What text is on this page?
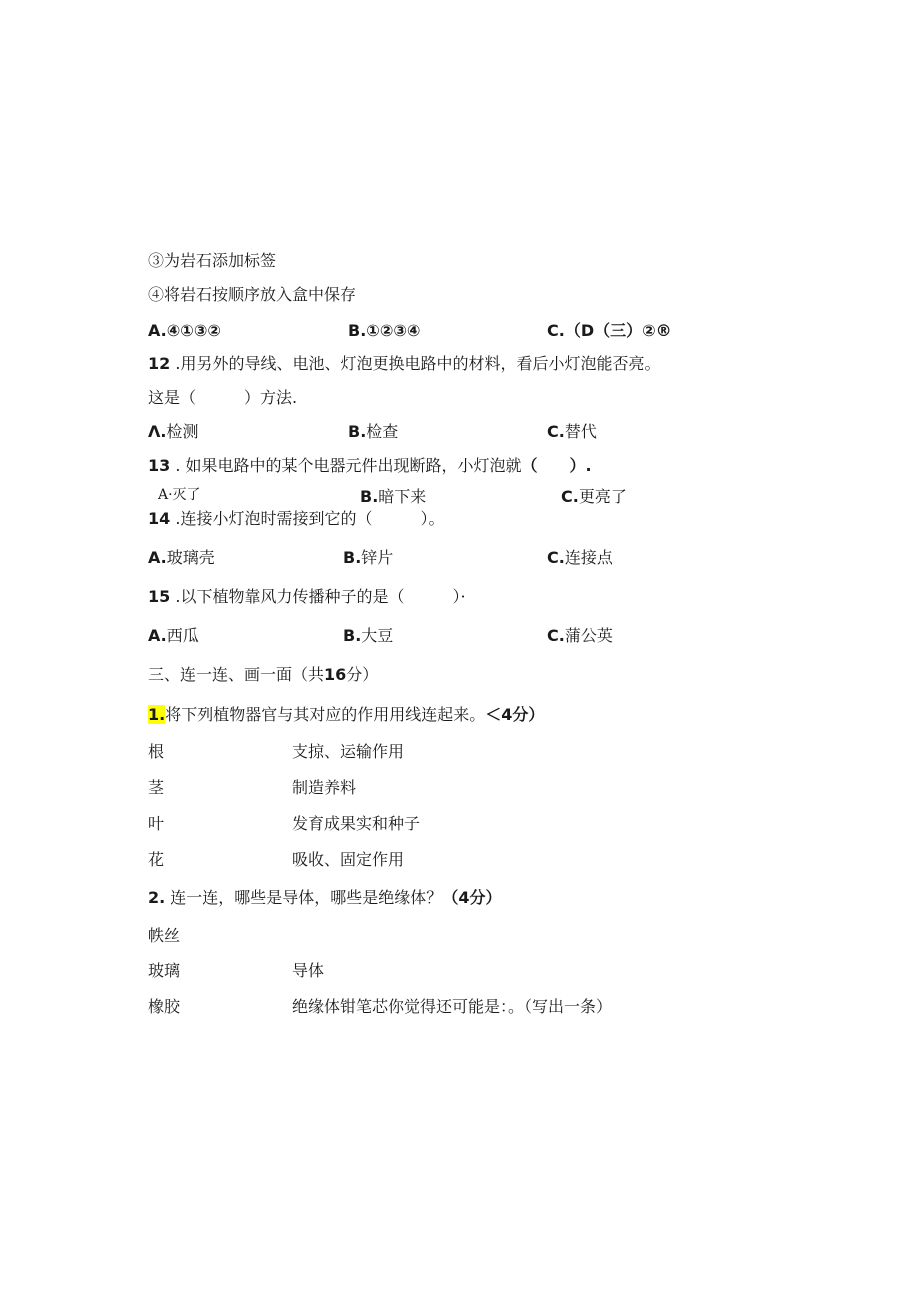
③为岩石添加标签
④将岩石按顺序放入盒中保存
A.④①③②	B.①②③④	C.（D（三）②®
12 .用另外的导线、电池、灯泡更换电路中的材料，看后小灯泡能否亮。
这是（　　　）方法.
Λ.检测	B.检查	C.替代
13 . 如果电路中的某个电器元件出现断路，小灯泡就（　　）.
A·灭了	B.暗下来	C.更亮了
14 .连接小灯泡时需接到它的（　　　）。
A.玻璃壳	B.锌片	C.连接点
15 .以下植物靠风力传播种子的是（　　　）·
A.西瓜	B.大豆	C.蒲公英
三、连一连、画一面（共16分）
1.将下列植物器官与其对应的作用用线连起来。＜4分）
根	支掠、运输作用
茎	制造养料
叶	发育成果实和种子
花	吸收、固定作用
2. 连一连，哪些是导体，哪些是绝缘体？（4分）
帙丝
玻璃	导体
橡胶	绝缘体钳笔芯你觉得还可能是：。（写出一条）
